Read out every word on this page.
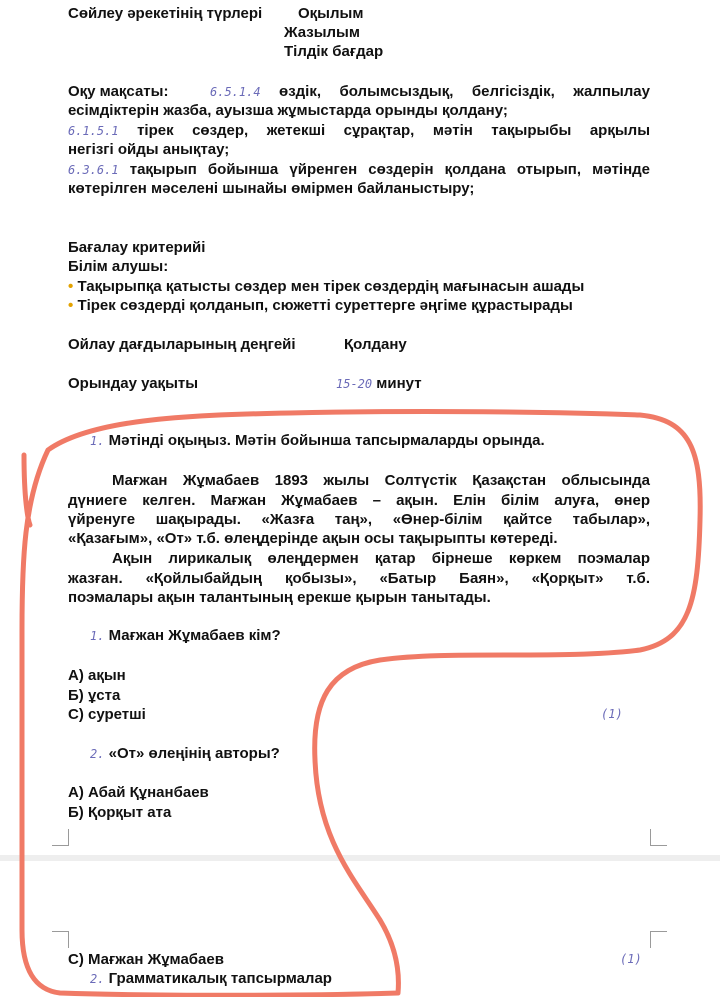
Сөйлеу әрекетінің түрлері Оқылым
Жазылым
Тілдік бағдар
Оқу мақсаты:	6.5.1.4 өздік, болымсыздық, белгісіздік, жалпылау
есімдіктерін жазба, ауызша жұмыстарда орынды қолдану;
6.1.5.1 тірек сөздер, жетекші сұрақтар, мәтін тақырыбы арқылы
негізгі ойды анықтау;
6.3.6.1 тақырып бойынша үйренген сөздерін қолдана отырып, мәтінде
көтерілген мәселені шынайы өмірмен байланыстыру;
Бағалау критерийі
Білім алушы:
• Тақырыпқа қатысты сөздер мен тірек сөздердің мағынасын ашады
• Тірек сөздерді қолданып, сюжетті суреттерге әңгіме құрастырады
Ойлау дағдыларының деңгейі	Қолдану
Орындау уақыты	15-20 минут
1. Мәтінді оқыңыз. Мәтін бойынша тапсырмаларды орында.
Мағжан Жұмабаев 1893 жылы Солтүстік Қазақстан облысында
дүниеге келген. Мағжан Жұмабаев – ақын. Елін білім алуға, өнер
үйренуге шақырады. «Жазға таң», «Өнер-білім қайтсе табылар»,
«Қазағым», «От» т.б. өлеңдерінде ақын осы тақырыпты көтереді.
Ақын лирикалық өлеңдермен қатар бірнеше көркем поэмалар
жазған. «Қойлыбайдың қобызы», «Батыр Баян», «Қорқыт» т.б.
поэмалары ақын талантының ерекше қырын танытады.
1. Мағжан Жұмабаев кім?
А) ақын
Б) ұста
С) суретші	(1)
2. «От» өлеңінің авторы?
А) Абай Құнанбаев
Б) Қорқыт ата
С) Мағжан Жұмабаев	(1)
2. Грамматикалық тапсырмалар
